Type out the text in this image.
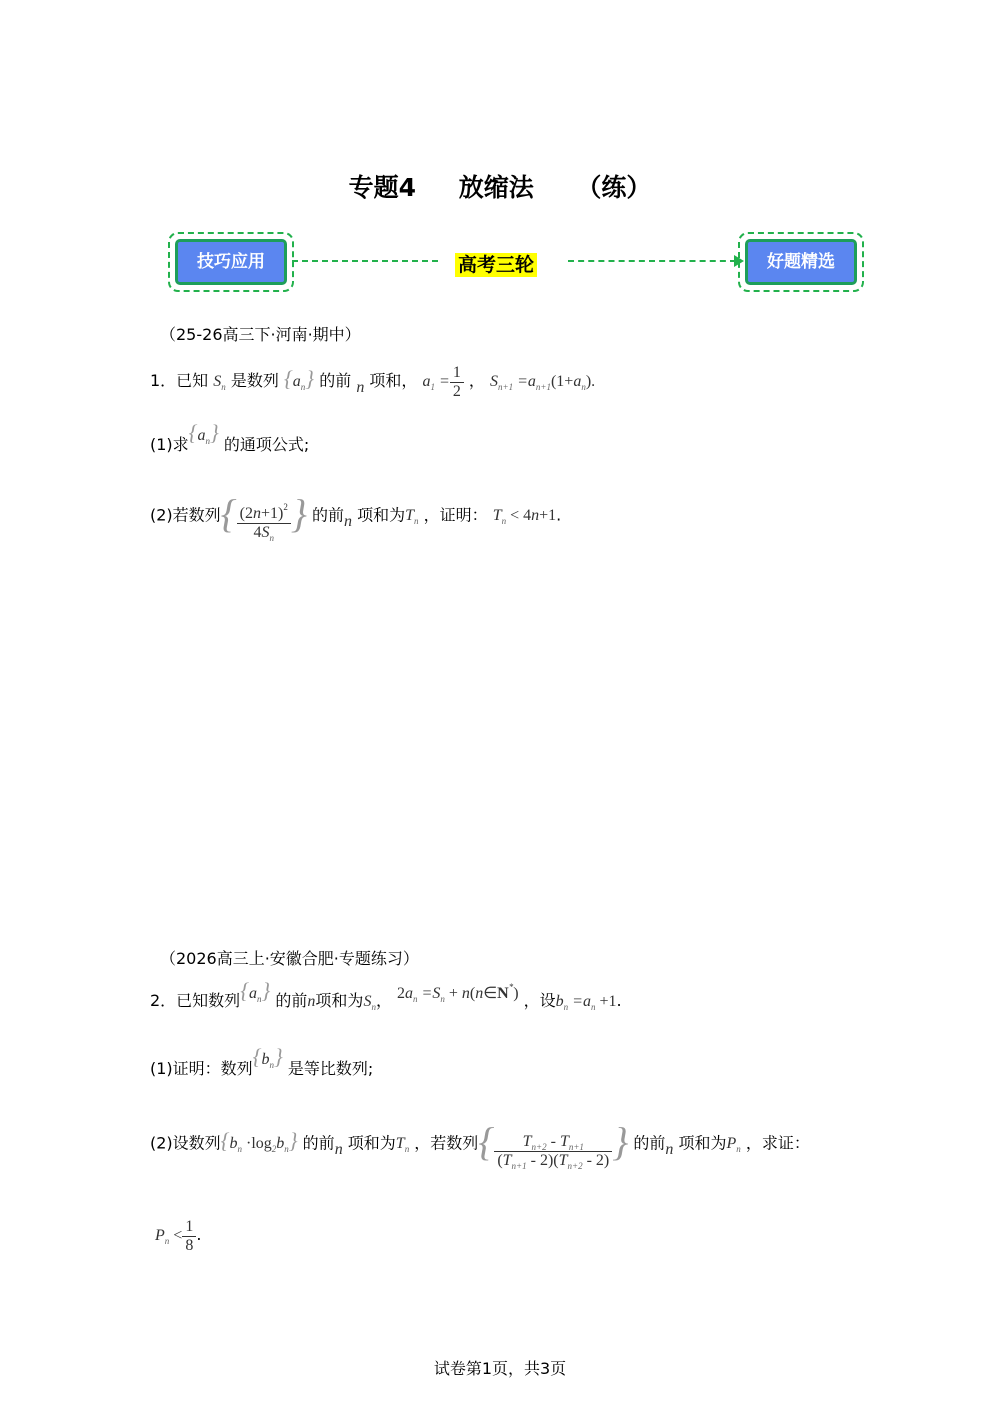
专题4 放缩法 （练）
技巧应用	高考三轮	好题精选
（25-26高三下·河南·期中）
1．已知 $S_n$ 是数列 $\{a_n\}$ 的前 n 项和， $a_1 = \frac{1}{2}$ ， $S_{n+1} =a_{n+1}(1+a_n)$.
(1)求$\{a_n\}$ 的通项公式;
(2)若数列{ $\frac{(2n+1)^2}{4S_n}$ } 的前n 项和为$T_n$ ，证明： $T_n < 4n+1$.
（2026高三上·安徽合肥·专题练习）
2．已知数列$\{a_n\}$ 的前n项和为$S_n$， $2a_n =S_n$ + n(n∈N*) ，设$b_n =a_n +1$.
(1)证明：数列$\{b_n\}$ 是等比数列;
(2)设数列$\{b_n \cdot\log_2b_n\}$ 的前n 项和为$T_n$ ，若数列{ $\frac{T_{n+2} - T_{n+1}}{(T_{n+1} - 2)(T_{n+2} - 2)}$ } 的前n 项和为$P_n$ ，求证：
$P_n < \frac{1}{8}$ .
试卷第1页，共3页
